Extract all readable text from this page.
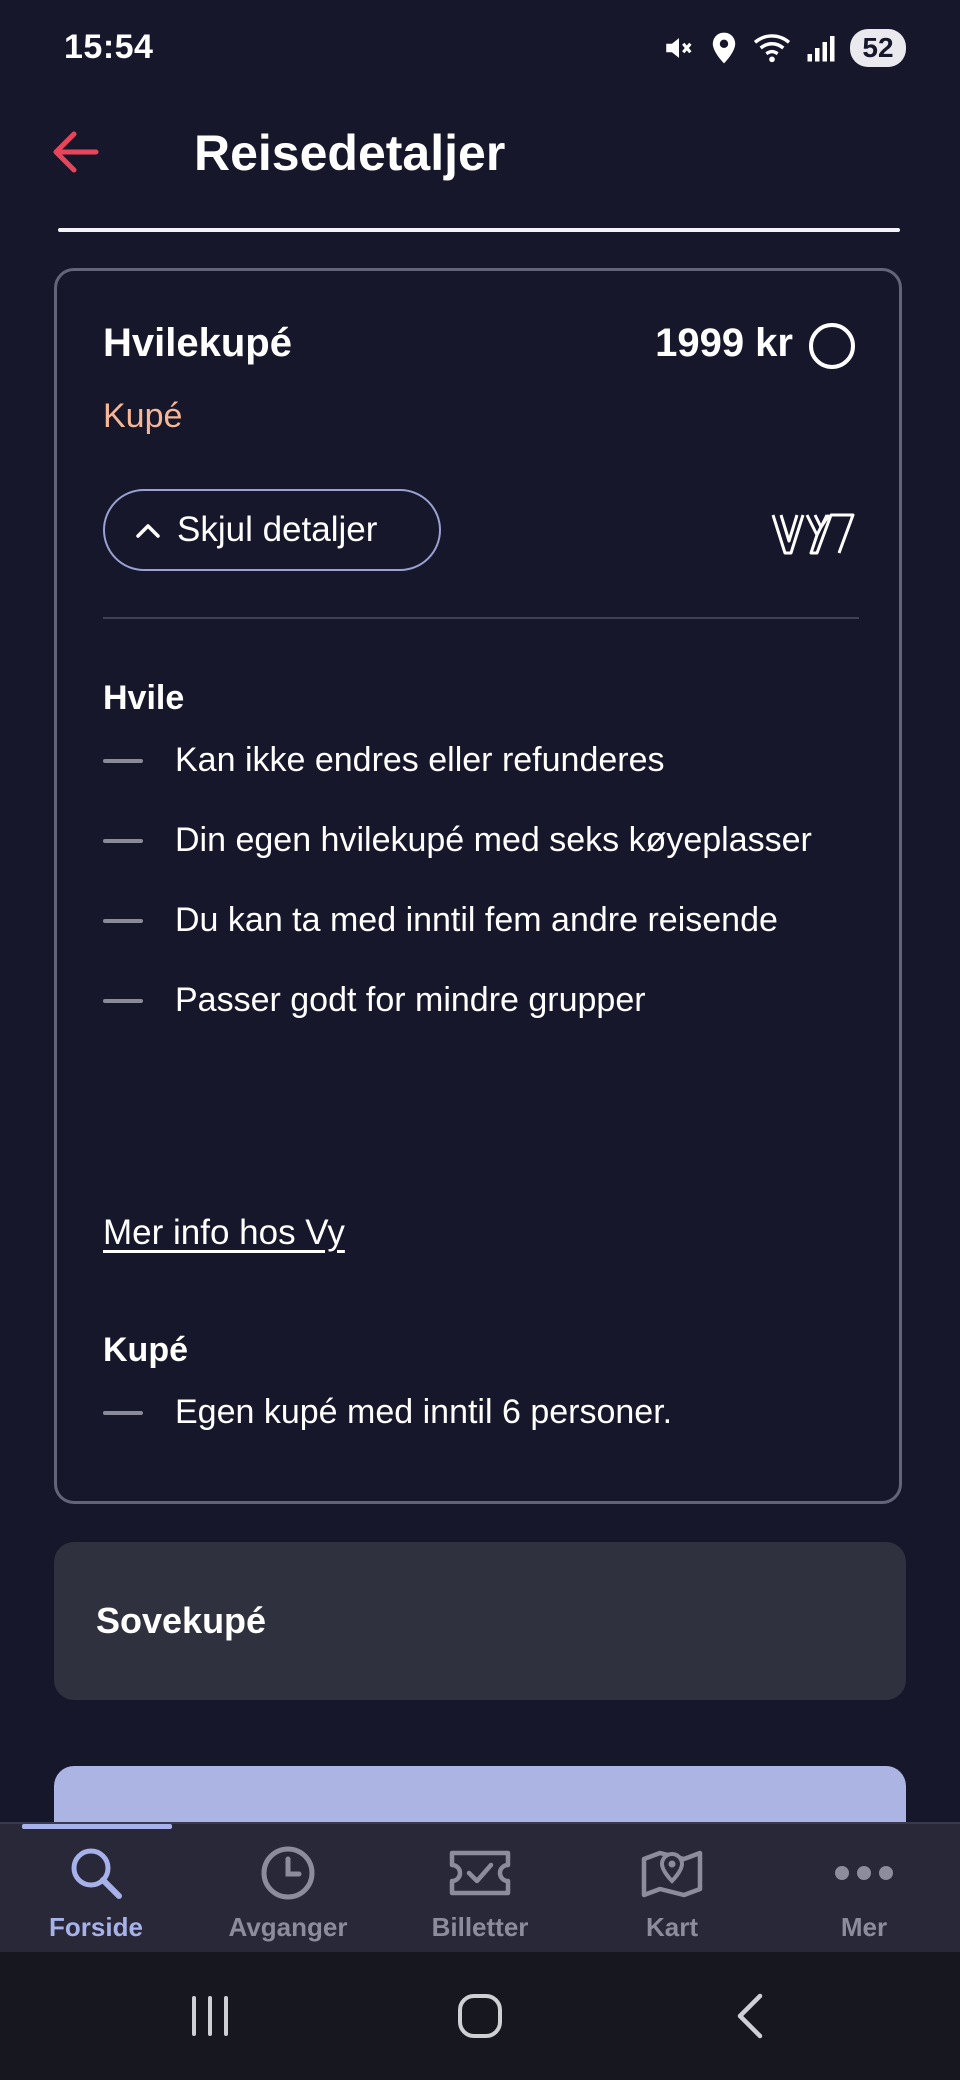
15:54	52
Reisedetaljer
Hvilekupé	1999 kr
Kupé
Skjul detaljer
Hvile
Kan ikke endres eller refunderes
Din egen hvilekupé med seks køyeplasser
Du kan ta med inntil fem andre reisende
Passer godt for mindre grupper
Mer info hos Vy
Kupé
Egen kupé med inntil 6 personer.
Sovekupé
Forside	Avganger	Billetter	Kart	Mer
